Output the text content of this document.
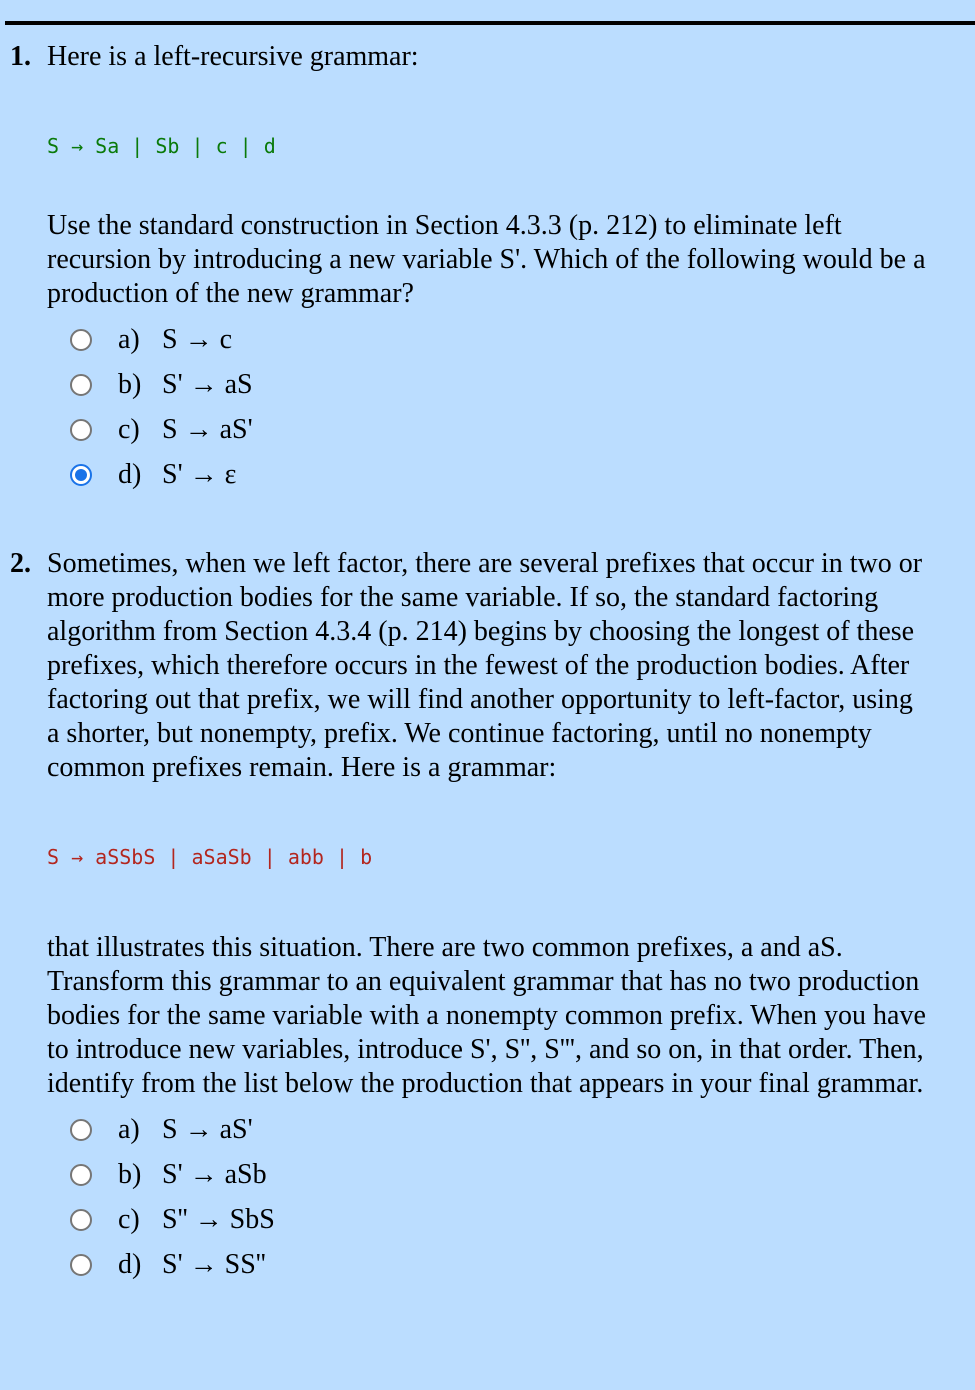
1. Here is a left-recursive grammar:
S → Sa | Sb | c | d
Use the standard construction in Section 4.3.3 (p. 212) to eliminate left recursion by introducing a new variable S'. Which of the following would be a production of the new grammar?
a) S → c
b) S' → aS
c) S → aS'
d) S' → ε
2. Sometimes, when we left factor, there are several prefixes that occur in two or more production bodies for the same variable. If so, the standard factoring algorithm from Section 4.3.4 (p. 214) begins by choosing the longest of these prefixes, which therefore occurs in the fewest of the production bodies. After factoring out that prefix, we will find another opportunity to left-factor, using a shorter, but nonempty, prefix. We continue factoring, until no nonempty common prefixes remain. Here is a grammar:
S → aSSbS | aSaSb | abb | b
that illustrates this situation. There are two common prefixes, a and aS. Transform this grammar to an equivalent grammar that has no two production bodies for the same variable with a nonempty common prefix. When you have to introduce new variables, introduce S', S'', S''', and so on, in that order. Then, identify from the list below the production that appears in your final grammar.
a) S → aS'
b) S' → aSb
c) S'' → SbS
d) S' → SS''
